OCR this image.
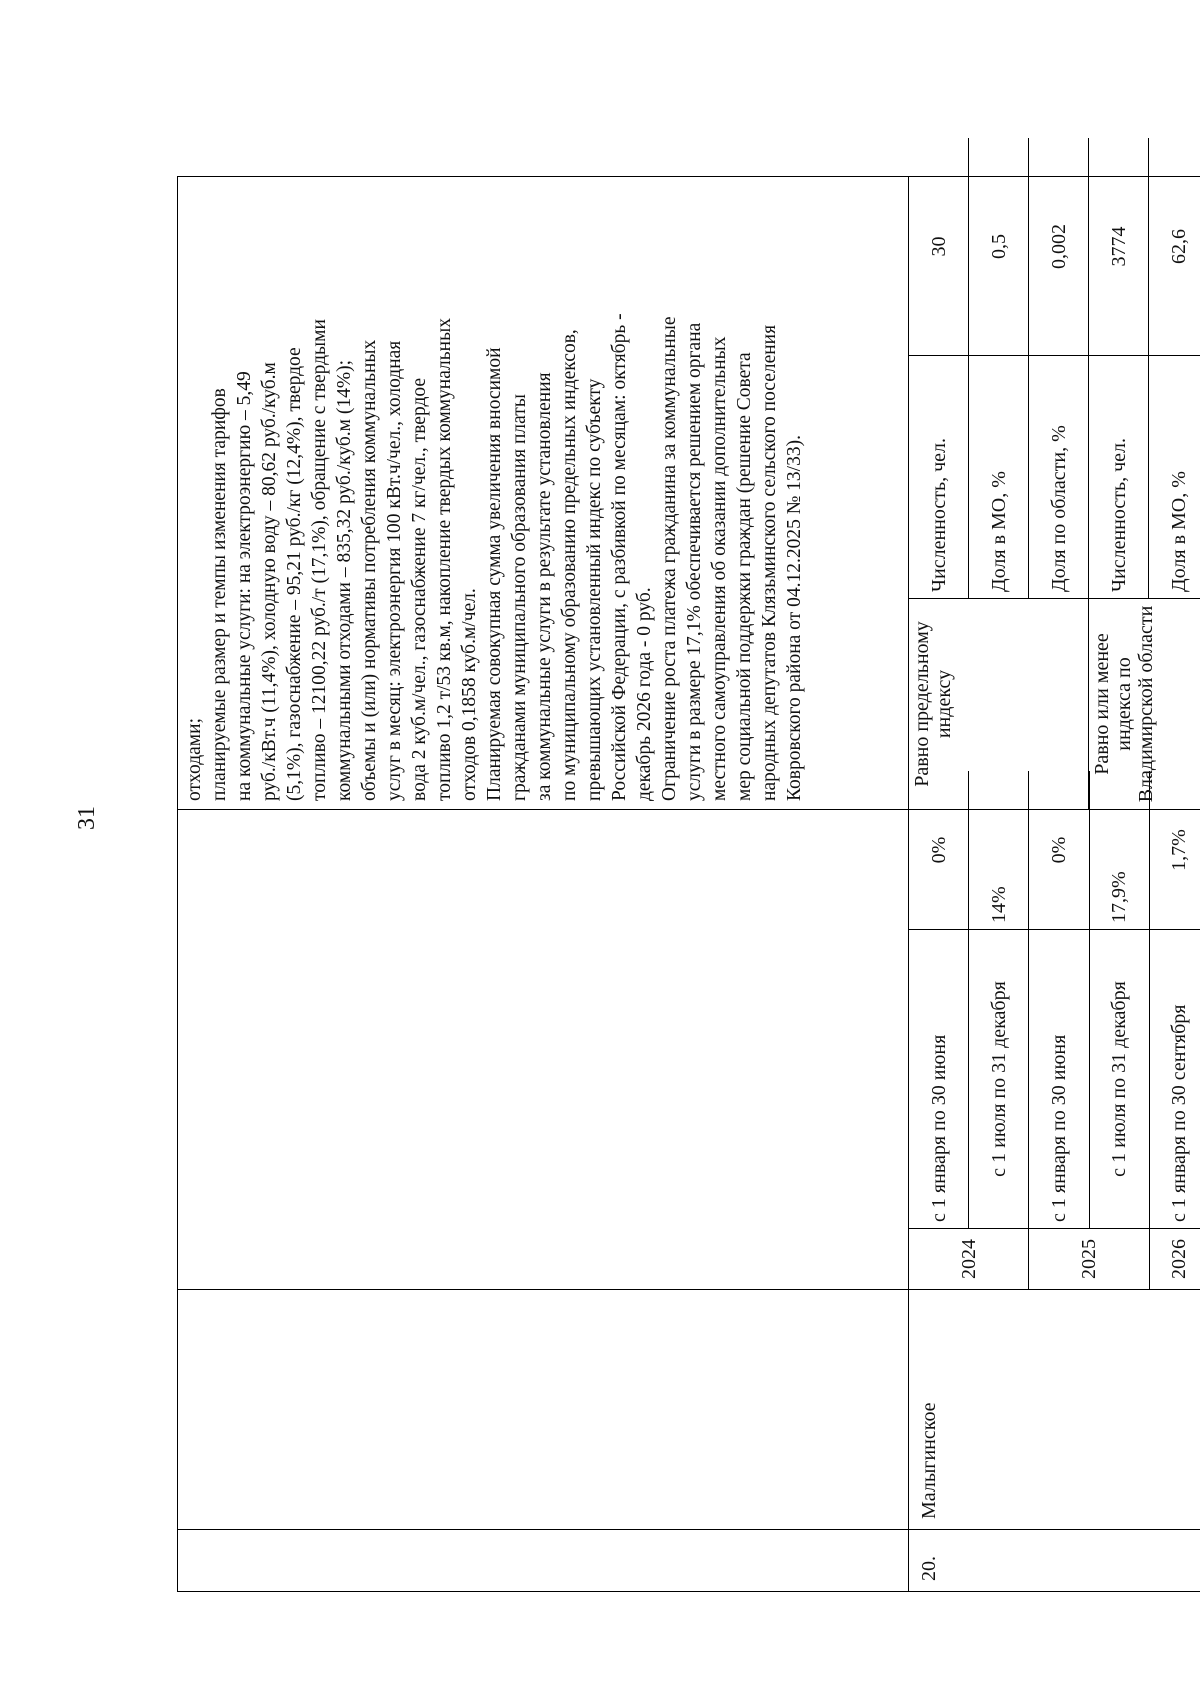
31

отходами;
планируемые размер и темпы изменения тарифов
на коммунальные услуги: на электроэнергию – 5,49
руб./кВт.ч (11,4%), холодную воду – 80,62 руб./куб.м
(5,1%), газоснабжение – 95,21 руб./кг (12,4%), твердое
топливо – 12100,22 руб./т (17,1%), обращение с твердыми
коммунальными отходами – 835,32 руб./куб.м (14%);
объемы и (или) нормативы потребления коммунальных
услуг в месяц: электроэнергия 100 кВт.ч/чел., холодная
вода 2 куб.м/чел., газоснабжение 7 кг/чел., твердое
топливо 1,2 т/53 кв.м, накопление твердых коммунальных
отходов 0,1858 куб.м/чел.
Планируемая совокупная сумма увеличения вносимой
гражданами муниципального образования платы
за коммунальные услуги в результате установления
по муниципальному образованию предельных индексов,
превышающих установленный индекс по субъекту
Российской Федерации, с разбивкой по месяцам: октябрь -
декабрь 2026 года - 0 руб.
Ограничение роста платежа гражданина за коммунальные
услуги в размере 17,1% обеспечивается решением органа
местного самоуправления об оказании дополнительных
мер социальной поддержки граждан (решение Совета
народных депутатов Клязьминского сельского поселения
Ковровского района от 04.12.2025 № 13/33).

20.	Малыгинское	
2024	с 1 января по 30 июня	0%
с 1 июля по 31 декабря	14%
2025	с 1 января по 30 июня	0%
с 1 июля по 31 декабря	17,9%
2026	с 1 января по 30 сентября	1,7%

Равно предельному индексу	Численность, чел.	30
Доля в МО, %	0,5
Доля по области, %	0,002
Равно или менее индекса по Владимирской области	Численность, чел.	3774
Доля в МО, %	62,6
